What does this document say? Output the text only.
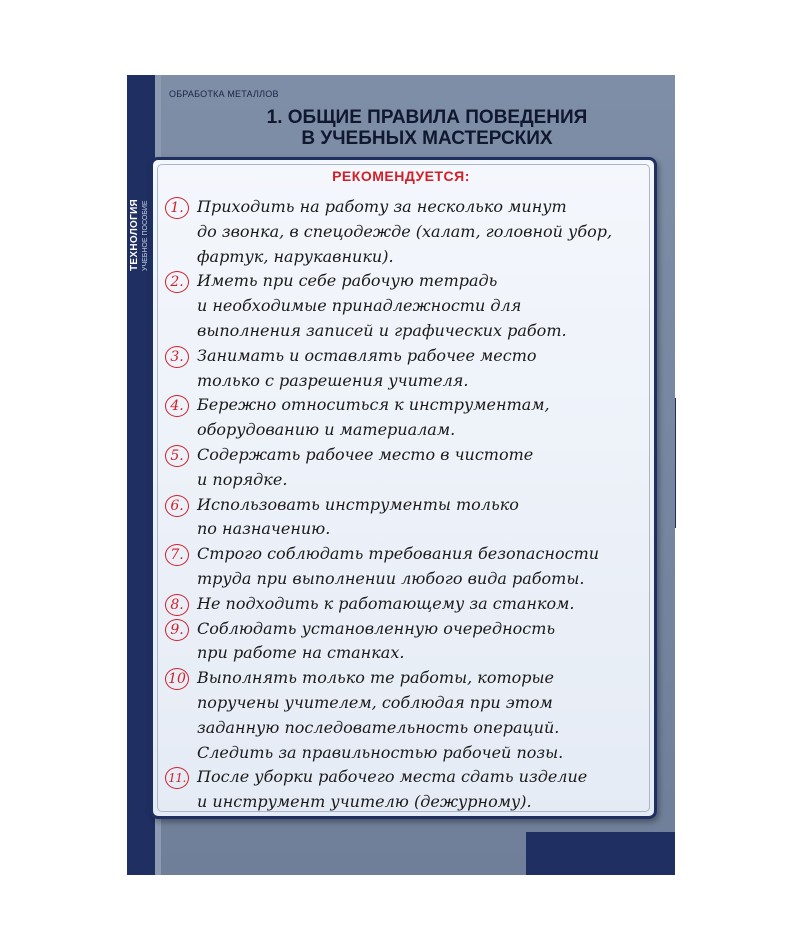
ТЕХНОЛОГИЯ УЧЕБНОЕ ПОСОБИЕ
ОБРАБОТКА МЕТАЛЛОВ
1. ОБЩИЕ ПРАВИЛА ПОВЕДЕНИЯ
В УЧЕБНЫХ МАСТЕРСКИХ
РЕКОМЕНДУЕТСЯ:
1. Приходить на работу за несколько минут
до звонка, в спецодежде (халат, головной убор,
фартук, нарукавники).
2. Иметь при себе рабочую тетрадь
и необходимые принадлежности для
выполнения записей и графических работ.
3. Занимать и оставлять рабочее место
только с разрешения учителя.
4. Бережно относиться к инструментам,
оборудованию и материалам.
5. Содержать рабочее место в чистоте
и порядке.
6. Использовать инструменты только
по назначению.
7. Строго соблюдать требования безопасности
труда при выполнении любого вида работы.
8. Не подходить к работающему за станком.
9. Соблюдать установленную очередность
при работе на станках.
10 Выполнять только те работы, которые
поручены учителем, соблюдая при этом
заданную последовательность операций.
Следить за правильностью рабочей позы.
11. После уборки рабочего места сдать изделие
и инструмент учителю (дежурному).
